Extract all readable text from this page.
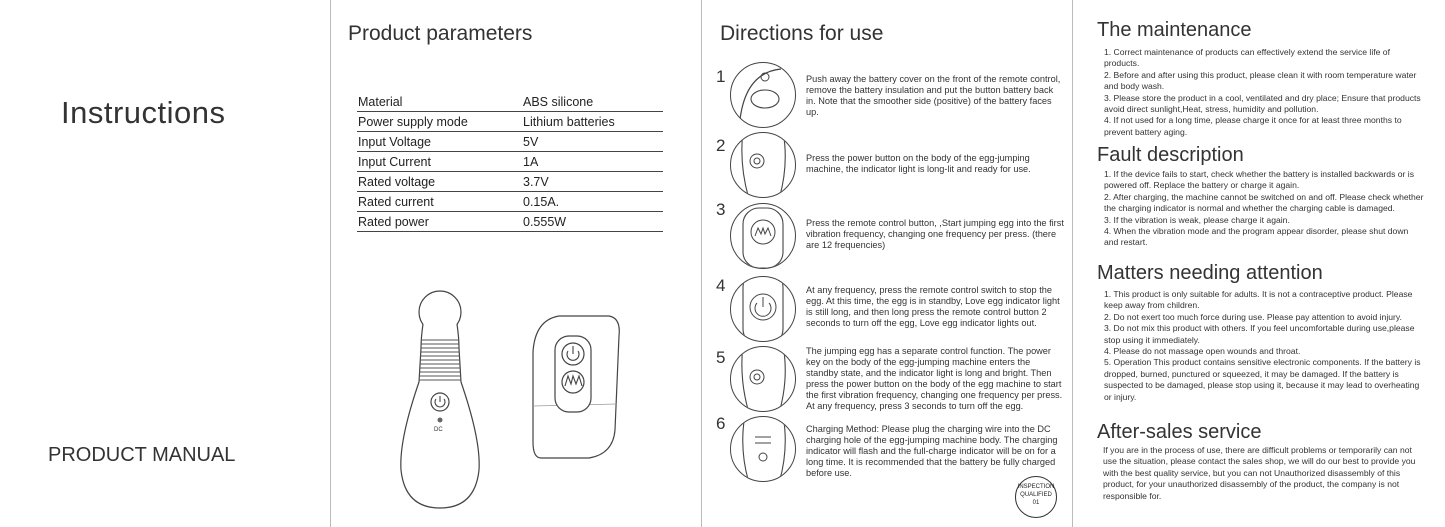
Instructions
PRODUCT MANUAL
Product parameters
Material	ABS silicone
Power supply mode	Lithium batteries
Input Voltage	5V
Input Current	1A
Rated voltage	3.7V
Rated current	0.15A.
Rated power	0.555W
DC
Directions for use
1	Push away the battery cover on the front of the remote control, remove the battery insulation and put the button battery back in. Note that the smoother side (positive) of the battery faces up.
2
Press the power button on the body of the egg-jumping machine, the indicator light is long-lit and ready for use.
3
Press the remote control button, ,Start jumping egg into the first vibration frequency, changing one frequency per press. (there are 12 frequencies)
4	At any frequency, press the remote control switch to stop the egg. At this time, the egg is in standby, Love egg indicator light is still long, and then long press the remote control button 2 seconds to turn off the egg, Love egg indicator lights out.
5	The jumping egg has a separate control function. The power key on the body of the egg-jumping machine enters the standby state, and the indicator light is long and bright. Then press the power button on the body of the egg machine to start the first vibration frequency, changing one frequency per press. At any frequency, press 3 seconds to turn off the egg.
6	Charging Method: Please plug the charging wire into the DC charging hole of the egg-jumping machine body. The charging indicator will flash and the full-charge indicator will be on for a long time. It is recommended that the battery be fully charged before use.
INSPECTION
QUALIFIED
01
The maintenance
1. Correct maintenance of products can effectively extend the service life of products.
2. Before and after using this product, please clean it with room temperature water and body wash.
3. Please store the product in a cool, ventilated and dry place; Ensure that products avoid direct sunlight,Heat, stress, humidity and pollution.
4. If not used for a long time, please charge it once for at least three months to prevent battery aging.
Fault description
1. If the device fails to start, check whether the battery is installed backwards or is powered off. Replace the battery or charge it again.
2. After charging, the machine cannot be switched on and off. Please check whether the charging indicator is normal and whether the charging cable is damaged.
3. If the vibration is weak, please charge it again.
4. When the vibration mode and the program appear disorder, please shut down and restart.
Matters needing attention
1. This product is only suitable for adults. It is not a contraceptive product. Please keep away from children.
2. Do not exert too much force during use. Please pay attention to avoid injury.
3. Do not mix this product with others. If you feel uncomfortable during use,please stop using it immediately.
4. Please do not massage open wounds and throat.
5. Operation This product contains sensitive electronic components. If the battery is dropped, burned, punctured or squeezed, it may be damaged. If the battery is suspected to be damaged, please stop using it, because it may lead to overheating or injury.
After-sales service
If you are in the process of use, there are difficult problems or temporarily can not use the situation, please contact the sales shop, we will do our best to provide you with the best quality service, but you can not Unauthorized disassembly of this product, for your unauthorized disassembly of the product, the company is not responsible for.
